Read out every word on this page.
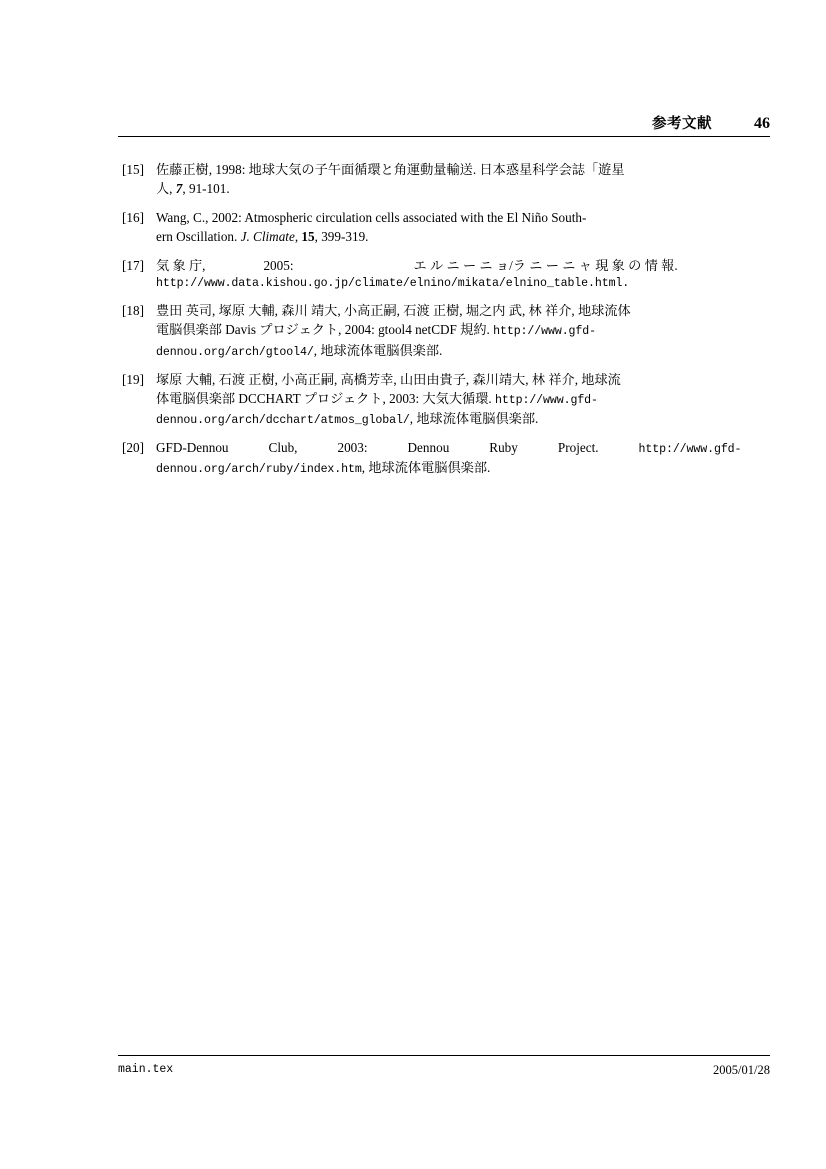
参考文献	46
[15] 佐藤正樹, 1998: 地球大気の子午面循環と角運動量輸送. 日本惑星科学会誌「遊星
人, 7, 91-101.
[16] Wang, C., 2002: Atmospheric circulation cells associated with the El Niño South-
ern Oscillation. J. Climate, 15, 399-319.
[17] 気 象 庁,	2005:	エ ル ニ ー ニ ョ/ラ ニ ー ニ ャ 現 象 の 情 報.
http://www.data.kishou.go.jp/climate/elnino/mikata/elnino_table.html.
[18] 豊田 英司, 塚原 大輔, 森川 靖大, 小高正嗣, 石渡 正樹, 堀之内 武, 林 祥介, 地球流体
電脳倶楽部 Davis プロジェクト, 2004: gtool4 netCDF 規約. http://www.gfd-
dennou.org/arch/gtool4/, 地球流体電脳倶楽部.
[19] 塚原 大輔, 石渡 正樹, 小高正嗣, 高橋芳幸, 山田由貴子, 森川靖大, 林 祥介, 地球流
体電脳倶楽部 DCCHART プロジェクト, 2003: 大気大循環. http://www.gfd-
dennou.org/arch/dcchart/atmos_global/, 地球流体電脳倶楽部.
[20] GFD-Dennou	Club,	2003:	Dennou	Ruby	Project.	http://www.gfd-
dennou.org/arch/ruby/index.htm, 地球流体電脳倶楽部.
main.tex	2005/01/28
